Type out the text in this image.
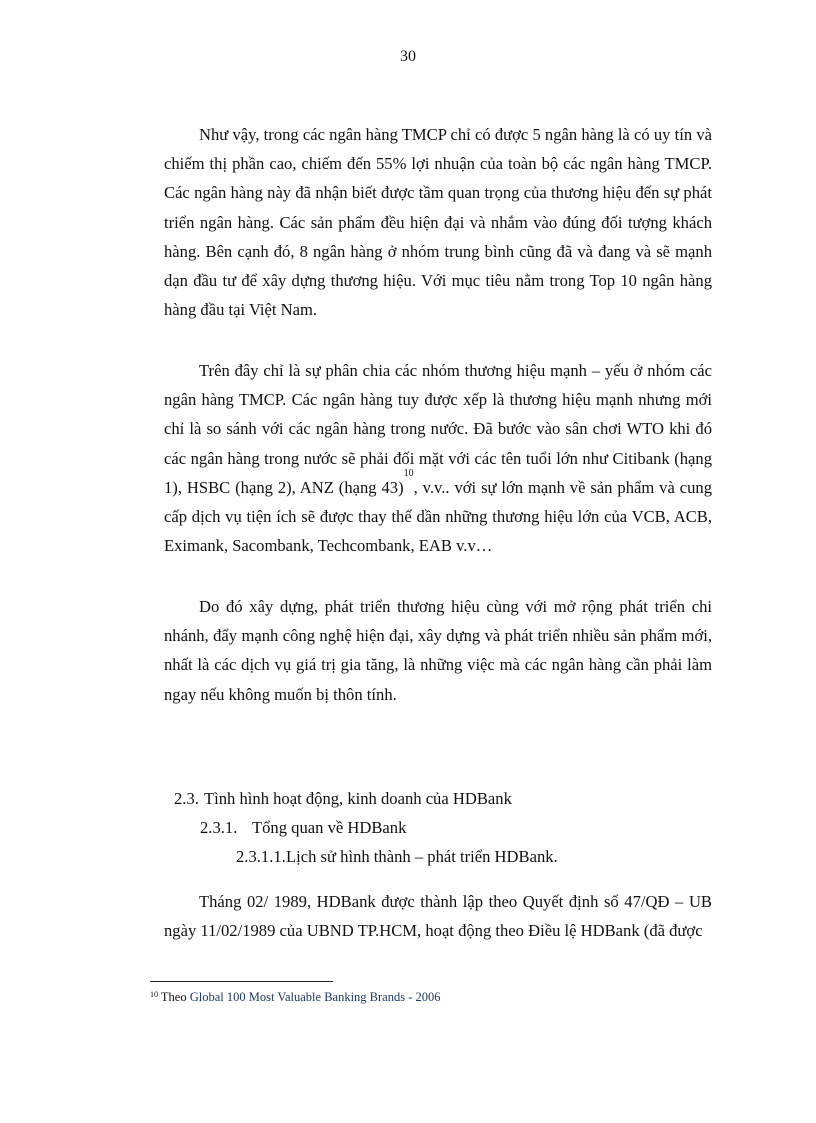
30

Như vậy, trong các ngân hàng TMCP chỉ có được 5 ngân hàng là có uy tín và chiếm thị phần cao, chiếm đến 55% lợi nhuận của toàn bộ các ngân hàng TMCP. Các ngân hàng này đã nhận biết được tầm quan trọng của thương hiệu đến sự phát triển ngân hàng. Các sản phẩm đều hiện đại và nhắm vào đúng đối tượng khách hàng. Bên cạnh đó, 8 ngân hàng ở nhóm trung bình cũng đã và đang và sẽ mạnh dạn đầu tư để xây dựng thương hiệu. Với mục tiêu nằm trong Top 10 ngân hàng hàng đầu tại Việt Nam.

Trên đây chỉ là sự phân chia các nhóm thương hiệu mạnh – yếu ở nhóm các ngân hàng TMCP. Các ngân hàng tuy được xếp là thương hiệu mạnh nhưng mới chỉ là so sánh với các ngân hàng trong nước. Đã bước vào sân chơi WTO khi đó các ngân hàng trong nước sẽ phải đối mặt với các tên tuổi lớn như Citibank (hạng 1), HSBC (hạng 2), ANZ (hạng 43)$^{10}$, v.v.. với sự lớn mạnh về sản phẩm và cung cấp dịch vụ tiện ích sẽ được thay thế dần những thương hiệu lớn của VCB, ACB, Eximank, Sacombank, Techcombank, EAB v.v…

Do đó xây dựng, phát triển thương hiệu cùng với mở rộng phát triển chi nhánh, đẩy mạnh công nghệ hiện đại, xây dựng và phát triển nhiều sản phẩm mới, nhất là các dịch vụ giá trị gia tăng, là những việc mà các ngân hàng cần phải làm ngay nếu không muốn bị thôn tính.

2.3. Tình hình hoạt động, kinh doanh của HDBank
2.3.1. Tổng quan về HDBank
2.3.1.1.Lịch sử hình thành – phát triển HDBank.

Tháng 02/ 1989, HDBank được thành lập theo Quyết định số 47/QĐ – UB ngày 11/02/1989 của UBND TP.HCM, hoạt động theo Điều lệ HDBank (đã được

$^{10}$ Theo Global 100 Most Valuable Banking Brands - 2006
